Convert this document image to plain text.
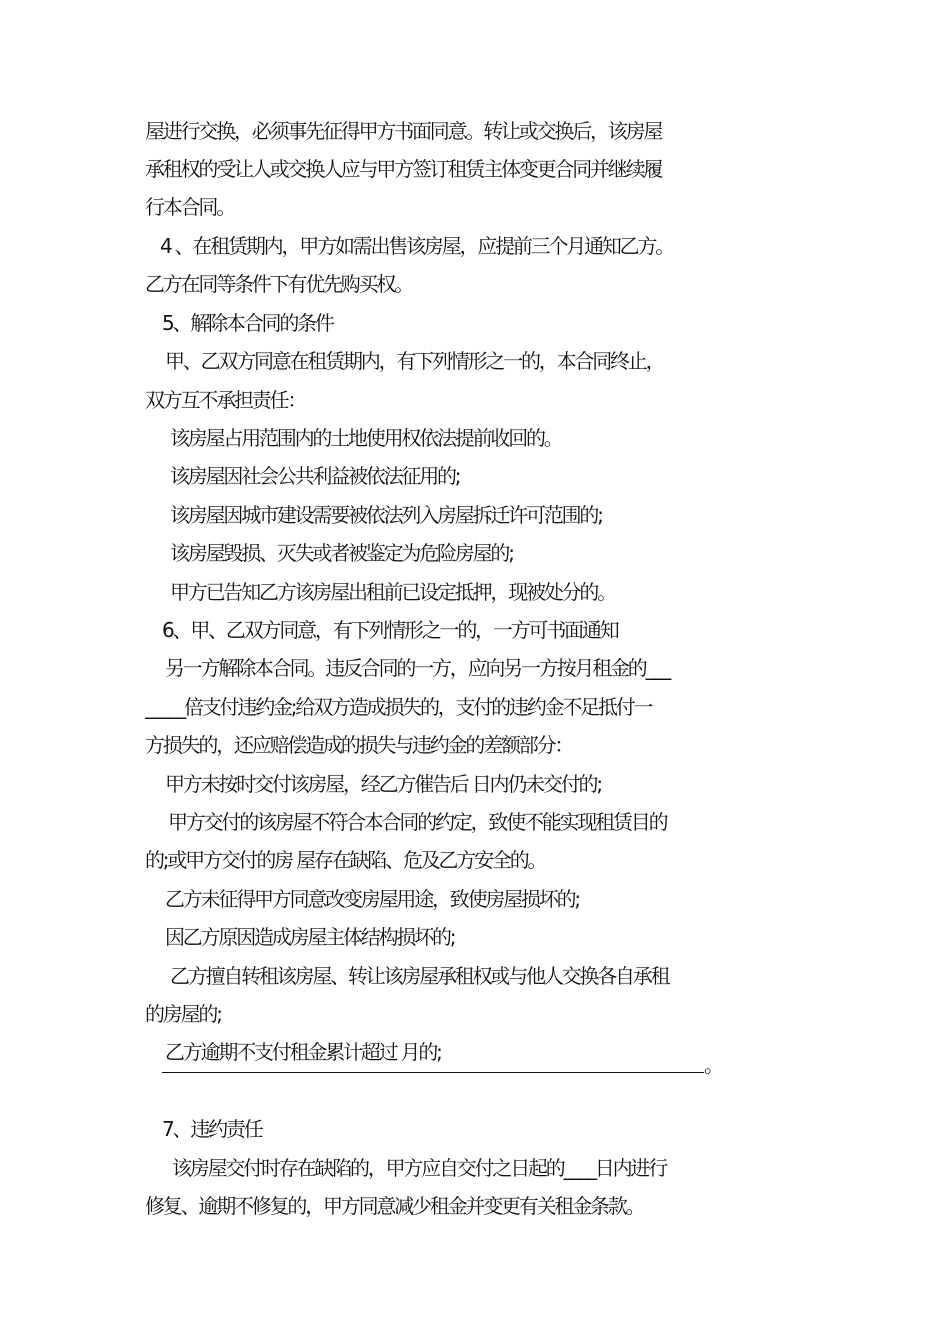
屋进行交换，必须事先征得甲方书面同意。转让或交换后，该房屋
承租权的受让人或交换人应与甲方签订租赁主体变更合同并继续履
行本合同。
4 、在租赁期内，甲方如需出售该房屋，应提前三个月通知乙方。
乙方在同等条件下有优先购买权。
5、解除本合同的条件
甲、乙双方同意在租赁期内，有下列情形之一的，本合同终止，
双方互不承担责任：
该房屋占用范围内的土地使用权依法提前收回的。
该房屋因社会公共利益被依法征用的;
该房屋因城市建设需要被依法列入房屋拆迁许可范围的;
该房屋毁损、灭失或者被鉴定为危险房屋的;
甲方已告知乙方该房屋出租前已设定抵押，现被处分的。
6、甲、乙双方同意，有下列情形之一的，一方可书面通知
另一方解除本合同。违反合同的一方，应向另一方按月租金的___
_____倍支付违约金;给双方造成损失的，支付的违约金不足抵付一
方损失的，还应赔偿造成的损失与违约金的差额部分：
甲方未按时交付该房屋，经乙方催告后 日内仍未交付的;
甲方交付的该房屋不符合本合同的约定，致使不能实现租赁目的
的;或甲方交付的房 屋存在缺陷、危及乙方安全的。
乙方未征得甲方同意改变房屋用途，致使房屋损坏的;
因乙方原因造成房屋主体结构损坏的;
乙方擅自转租该房屋、转让该房屋承租权或与他人交换各自承租
的房屋的;
乙方逾期不支付租金累计超过 月的;
。
7、违约责任
该房屋交付时存在缺陷的，甲方应自交付之日起的____日内进行
修复、逾期不修复的，甲方同意减少租金并变更有关租金条款。
